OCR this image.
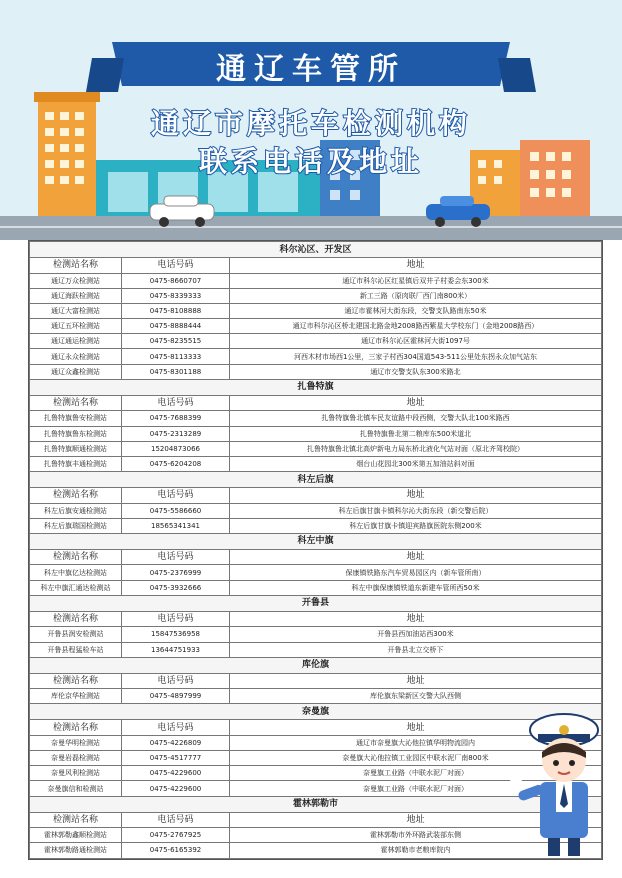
通辽车管所
通辽市摩托车检测机构
联系电话及地址
科尔沁区、开发区		
检测站名称	电话号码	地址
通辽万众检测站	0475-8660707	通辽市科尔沁区红星镇后双井子村委会东300米
通辽海跃检测站	0475-8339333	新工三路（原肉联厂西门南800米）
通辽大富检测站	0475-8108888	通辽市霍林河大街东段，交警支队路南东50米
通辽五环检测站	0475-8888444	通辽市科尔沁区桥北建国北路金地2008路西紫星大学校东门（金地2008路西）
通辽通运检测站	0475-8235515	通辽市科尔沁区霍林河大街1097号
通辽永众检测站	0475-8113333	河西木材市场西1公里，三家子村西304国道543-511公里处东拐永众加气站东
通辽众鑫检测站	0475-8301188	通辽市交警支队东300米路北
扎鲁特旗		
检测站名称	电话号码	地址
扎鲁特旗鲁安检测站	0475-7688399	扎鲁特旗鲁北镇车民友谊路中段西侧，交警大队北100米路西
扎鲁特旗鲁东检测站	0475-2313289	扎鲁特旗鲁北第二粮库东500米道北
扎鲁特旗顺通检测站	15204873066	扎鲁特旗鲁北镇北高炉新电力局东桥北液化气站对面（原北齐驾校院）
扎鲁特旗丰通检测站	0475-6204208	烟台山花园北300米第五加油站斜对面
科左后旗		
检测站名称	电话号码	地址
科左后旗安通检测站	0475-5586660	科左后旗甘旗卡镇科尔沁大街东段（新交警后院）
科左后旗瑞国检测站	18565341341	科左后旗甘旗卡镇迎宾路旗医院东侧200米
科左中旗		
检测站名称	电话号码	地址
科左中旗亿达检测站	0475-2376999	保康镇铁路东汽车贸易园区内（新车管所南）
科左中旗汇通达检测站	0475-3932666	科左中旗保康镇铁道东新建车管所西50米
开鲁县		
检测站名称	电话号码	地址
开鲁县润安检测站	15847536958	开鲁县西加油站西300米
开鲁县程猛检车站	13644751933	开鲁县北立交桥下
库伦旗		
检测站名称	电话号码	地址
库伦京华检测站	0475-4897999	库伦旗东梁新区交警大队西侧
奈曼旗		
检测站名称	电话号码	地址
奈曼华明检测站	0475-4226809	通辽市奈曼旗大沁他拉镇华明物流园内
奈曼岩磊检测站	0475-4517777	奈曼旗大沁他拉镇工业园区中联水泥厂南800米
奈曼风利检测站	0475-4229600	奈曼旗工业路（中联水泥厂对面）
奈曼旗信和检测站	0475-4229600	奈曼旗工业路（中联水泥厂对面）
霍林郭勒市		
检测站名称	电话号码	地址
霍林郭勒鑫顺检测站	0475-2767925	霍林郭勒市外环路武装部东侧
霍林郭勒路通检测站	0475-6165392	霍林郭勒市老粮库院内
